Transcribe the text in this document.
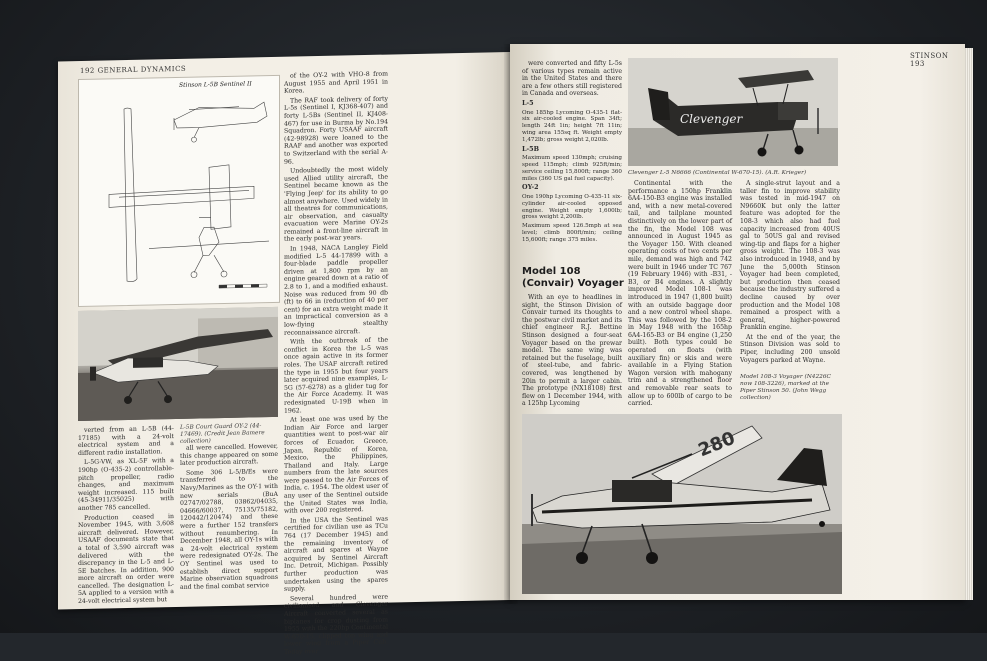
192 GENERAL DYNAMICS
Stinson L-5B Sentinel II

of the OY-2 with VHO-8 from August 1955 and April 1951 in Korea.

The RAF took delivery of forty L-5s (Sentinel I, KJ368-407) and forty L-5Bs (Sentinel II, KJ408-467) for use in Burma by No.194 Squadron. Forty USAAF aircraft (42-98928) were loaned to the RAAF and another was exported to Switzerland with the serial A-96.

Undoubtedly the most widely used Allied utility aircraft, the Sentinel became known as the 'Flying Jeep' for its ability to go almost anywhere. Used widely in all theatres for communications, air observation, and casualty evacuation were Marine OY-2s remained a front-line aircraft in the early post-war years.

In 1948, NACA Langley Field modified L-5 44-17899 with a four-blade paddle propeller driven at 1,800 rpm by an engine geared down at a ratio of 2.8 to 1, and a modified exhaust. Noise was reduced from 90 db (ft) to 66 in (reduction of 40 per cent) for an extra weight made it an impractical conversion as a low-flying stealthy reconnaissance aircraft.

With the outbreak of the conflict in Korea the L-5 was once again active in its former roles. The USAF aircraft retired the type in 1955 but four years later acquired nine examples, L-5G (57-6278) as a glider tug for the Air Force Academy. It was redesignated U-19B when in 1962.

At least one was used by the Indian Air Force and larger quantities went to post-war air forces of Ecuador, Greece, Japan, Republic of Korea, Mexico, the Philippines, Thailand and Italy. Large numbers from the late sources were passed to the Air Forces of India, c. 1954. The oldest user of any user of the Sentinel outside the United States was India, with over 200 registered.

In the USA the Sentinel was certified for civilian use as TCu 764 (17 December 1945) and the remaining inventory of aircraft and spares at Wayne acquired by Sentinel Aircraft Inc. Detroit, Michigan. Possibly further production was undertaken using the spares supply.

Several hundred were civilianised and Clevenger Aircraft converted several as biplanes for crop dusting from 1955 with the 220hp Continental W-670-15, clipped top wing and lower wing from a Piper Cub. Today over

verted from an L-5B (44-17185) with a 24-volt electrical system and a different radio installation.

L-5G-VW, as XL-5F with a 190hp (O-435-2) controllable-pitch propeller, radio changes, and maximum weight increased. 115 built (45-34911/35025) with another 785 cancelled.

Production ceased in November 1945, with 3,608 aircraft delivered. However, USAAF documents state that a total of 3,590 aircraft was delivered with the discrepancy in the L-5 and L-5E batches. In addition, 900 more aircraft on order were cancelled. The designation L-5A applied to a version with a 24-volt electrical system but

L-5B Court Guard OY-2 (44-17469). (Credit Jean Bamere collection)

all were cancelled. However, this change appeared on some later production aircraft.

Some 306 L-5/B/Es were transferred to the Navy/Marines as the OY-1 with new serials (BuA 02747/02788, 03862/04035, 04666/60037, 75135/75182, 120442/120474) and these were a further 152 transfers without renumbering. In December 1948, all OY-1s with a 24-volt electrical system were redesignated OY-2s. The OY Sentinel was used to establish direct support Marine observation squadrons and the final combat service

STINSON 193

were converted and fifty L-5s of various types remain active in the United States and there are a few others still registered in Canada and overseas.

L-5

One 185hp Lycoming O-435-1 flat-six air-cooled engine. Span 34ft; length 24ft 1in; height 7ft 11in; wing area 155sq ft. Weight empty 1,472lb; gross weight 2,020lb.

L-5B

Maximum speed 130mph; cruising speed 115mph; climb 925ft/min; service ceiling 15,800ft; range 360 miles (360 US gal fuel capacity).

OY-2

One 190hp Lycoming O-435-11 six-cylinder air-cooled opposed engine. Weight empty 1,600lb; gross weight 2,200lb.

Maximum speed 126.5mph at sea level; climb 800ft/min; ceiling 15,600ft; range 375 miles.

Clevenger
Clevenger L-5 N6666 (Continental W-670-15). (A.R. Krieger)
Model 108 (Convair) Voyager

With an eye to headlines in sight, the Stinson Division of Convair turned its thoughts to the postwar civil market and its chief engineer R.J. Bettine Stinson designed a four-seat Voyager based on the prewar model. The same wing was retained but the fuselage, built of steel-tube, and fabric-covered, was lengthened by 20in to permit a larger cabin. The prototype (NX18108) first flew on 1 December 1944, with a 125hp Lycoming

Continental with the performance a 150hp Franklin 6A4-150-B3 engine was installed and, with a new metal-covered tail, and tailplane mounted distinctively on the lower part of the fin, the Model 108 was announced in August 1945 as the Voyager 150. With cleaned operating costs of two cents per mile, demand was high and 742 were built in 1946 under TC 767 (19 February 1946) with -B31, -B3, or B4 engines. A slightly improved Model 108-1 was introduced in 1947 (1,800 built) with an outside baggage door and a new control wheel shape. This was followed by the 108-2 in May 1948 with the 165hp 6A4-165-B3 or B4 engine (1,250 built). Both types could be operated on floats (with auxiliary fin) or skis and were available in a Flying Station Wagon version with mahogany trim and a strengthened floor and removable rear seats to allow up to 600lb of cargo to be carried.

A single-strut layout and a taller fin to improve stability was tested in mid-1947 on N9660K but only the latter feature was adopted for the 108-3 which also had fuel capacity increased from 40US gal to 50US gal and revised wing-tip and flaps for a higher gross weight. The 108-3 was also introduced in 1948, and by June the 5,000th Stinson Voyager had been completed, but production then ceased because the industry suffered a decline caused by over production and the Model 108 remained a prospect with a general, higher-powered Franklin engine.

At the end of the year, the Stinson Division was sold to Piper, including 200 unsold Voyagers parked at Wayne.

Model 108-3 Voyager (N4226C now 108-3226), marked at the Piper Stinson 50. (John Wegg collection)
280
